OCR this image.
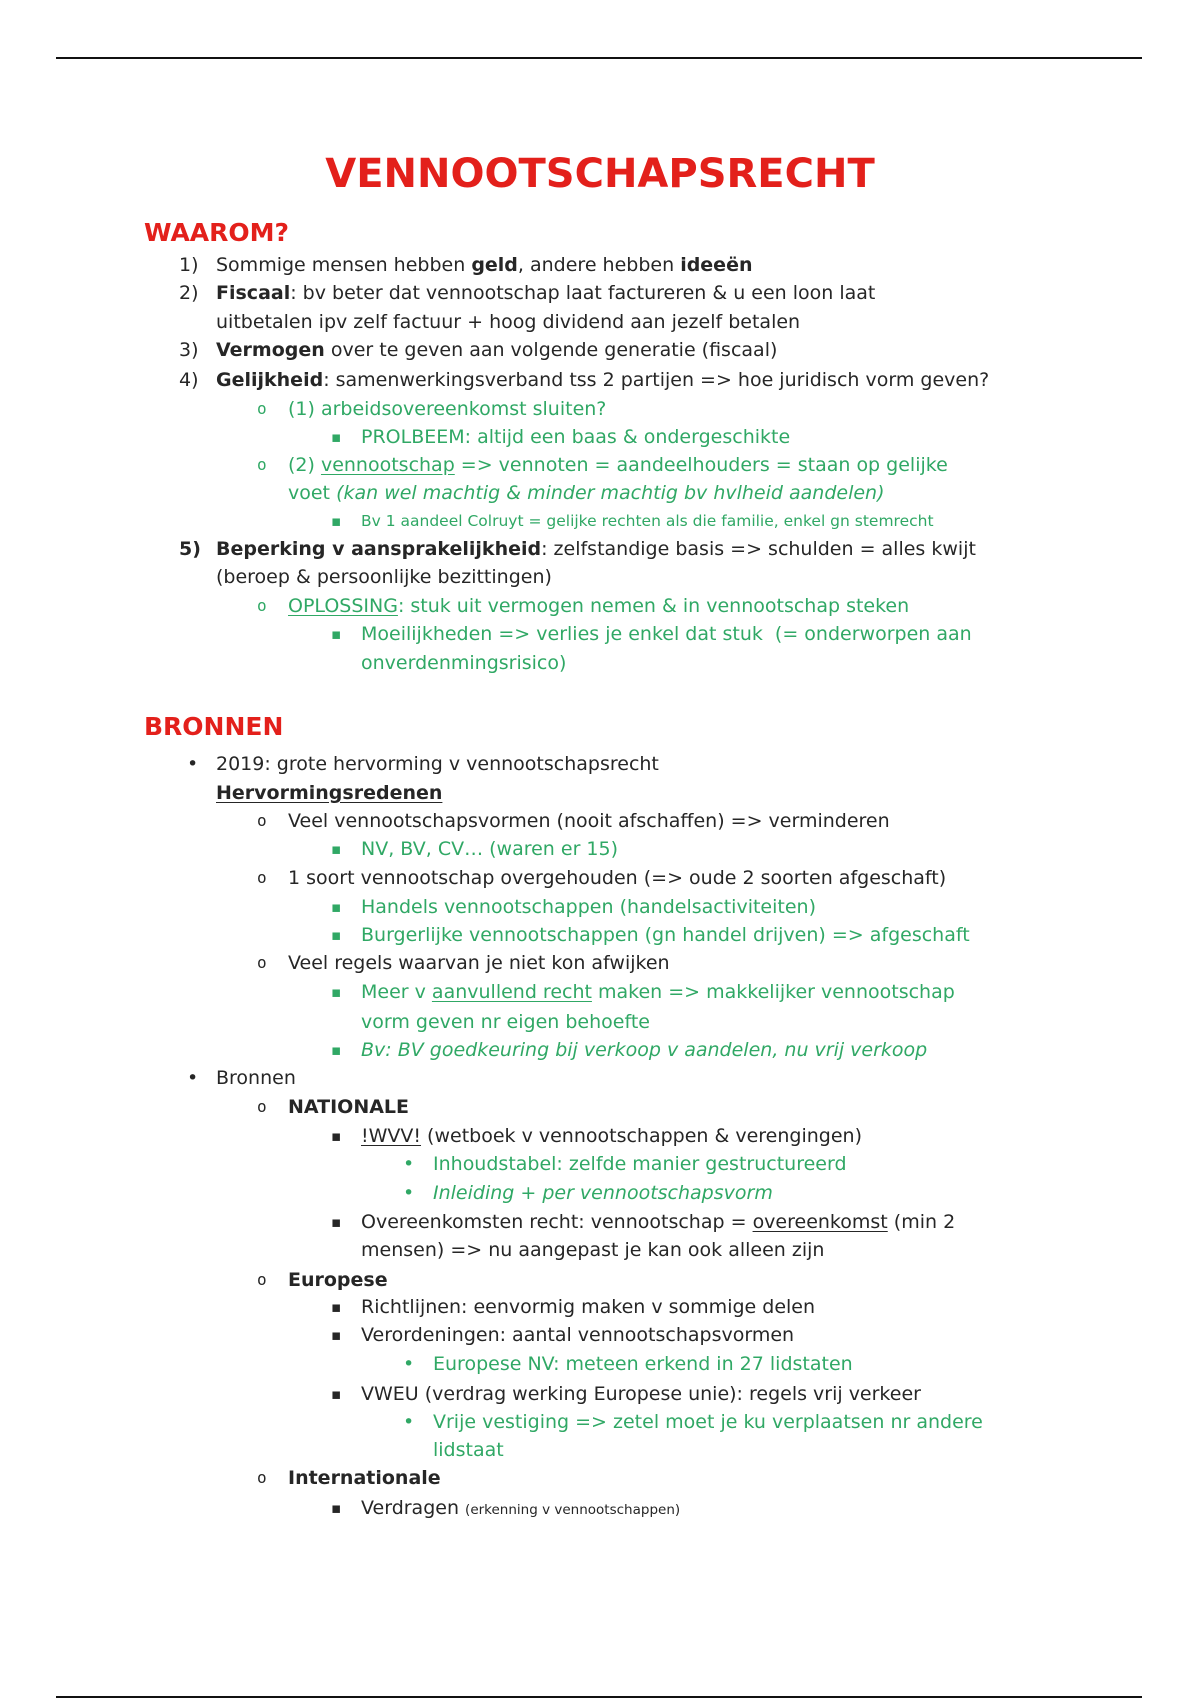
VENNOOTSCHAPSRECHT
WAAROM?
1) Sommige mensen hebben geld, andere hebben ideeën
2) Fiscaal: bv beter dat vennootschap laat factureren & u een loon laat
uitbetalen ipv zelf factuur + hoog dividend aan jezelf betalen
3) Vermogen over te geven aan volgende generatie (fiscaal)
4) Gelijkheid: samenwerkingsverband tss 2 partijen => hoe juridisch vorm geven?
o (1) arbeidsovereenkomst sluiten?
▪ PROLBEEM: altijd een baas & ondergeschikte
o (2) vennootschap => vennoten = aandeelhouders = staan op gelijke
voet (kan wel machtig & minder machtig bv hvlheid aandelen)
▪ Bv 1 aandeel Colruyt = gelijke rechten als die familie, enkel gn stemrecht
5) Beperking v aansprakelijkheid: zelfstandige basis => schulden = alles kwijt
(beroep & persoonlijke bezittingen)
o OPLOSSING: stuk uit vermogen nemen & in vennootschap steken
▪ Moeilijkheden => verlies je enkel dat stuk  (= onderworpen aan
onverdenmingsrisico)
BRONNEN
• 2019: grote hervorming v vennootschapsrecht
Hervormingsredenen
o Veel vennootschapsvormen (nooit afschaffen) => verminderen
▪ NV, BV, CV… (waren er 15)
o 1 soort vennootschap overgehouden (=> oude 2 soorten afgeschaft)
▪ Handels vennootschappen (handelsactiviteiten)
▪ Burgerlijke vennootschappen (gn handel drijven) => afgeschaft
o Veel regels waarvan je niet kon afwijken
▪ Meer v aanvullend recht maken => makkelijker vennootschap
vorm geven nr eigen behoefte
▪ Bv: BV goedkeuring bij verkoop v aandelen, nu vrij verkoop
• Bronnen
o NATIONALE
▪ !WVV! (wetboek v vennootschappen & verengingen)
• Inhoudstabel: zelfde manier gestructureerd
• Inleiding + per vennootschapsvorm
▪ Overeenkomsten recht: vennootschap = overeenkomst (min 2
mensen) => nu aangepast je kan ook alleen zijn
o Europese
▪ Richtlijnen: eenvormig maken v sommige delen
▪ Verordeningen: aantal vennootschapsvormen
• Europese NV: meteen erkend in 27 lidstaten
▪ VWEU (verdrag werking Europese unie): regels vrij verkeer
• Vrije vestiging => zetel moet je ku verplaatsen nr andere
lidstaat
o Internationale
▪ Verdragen (erkenning v vennootschappen)
